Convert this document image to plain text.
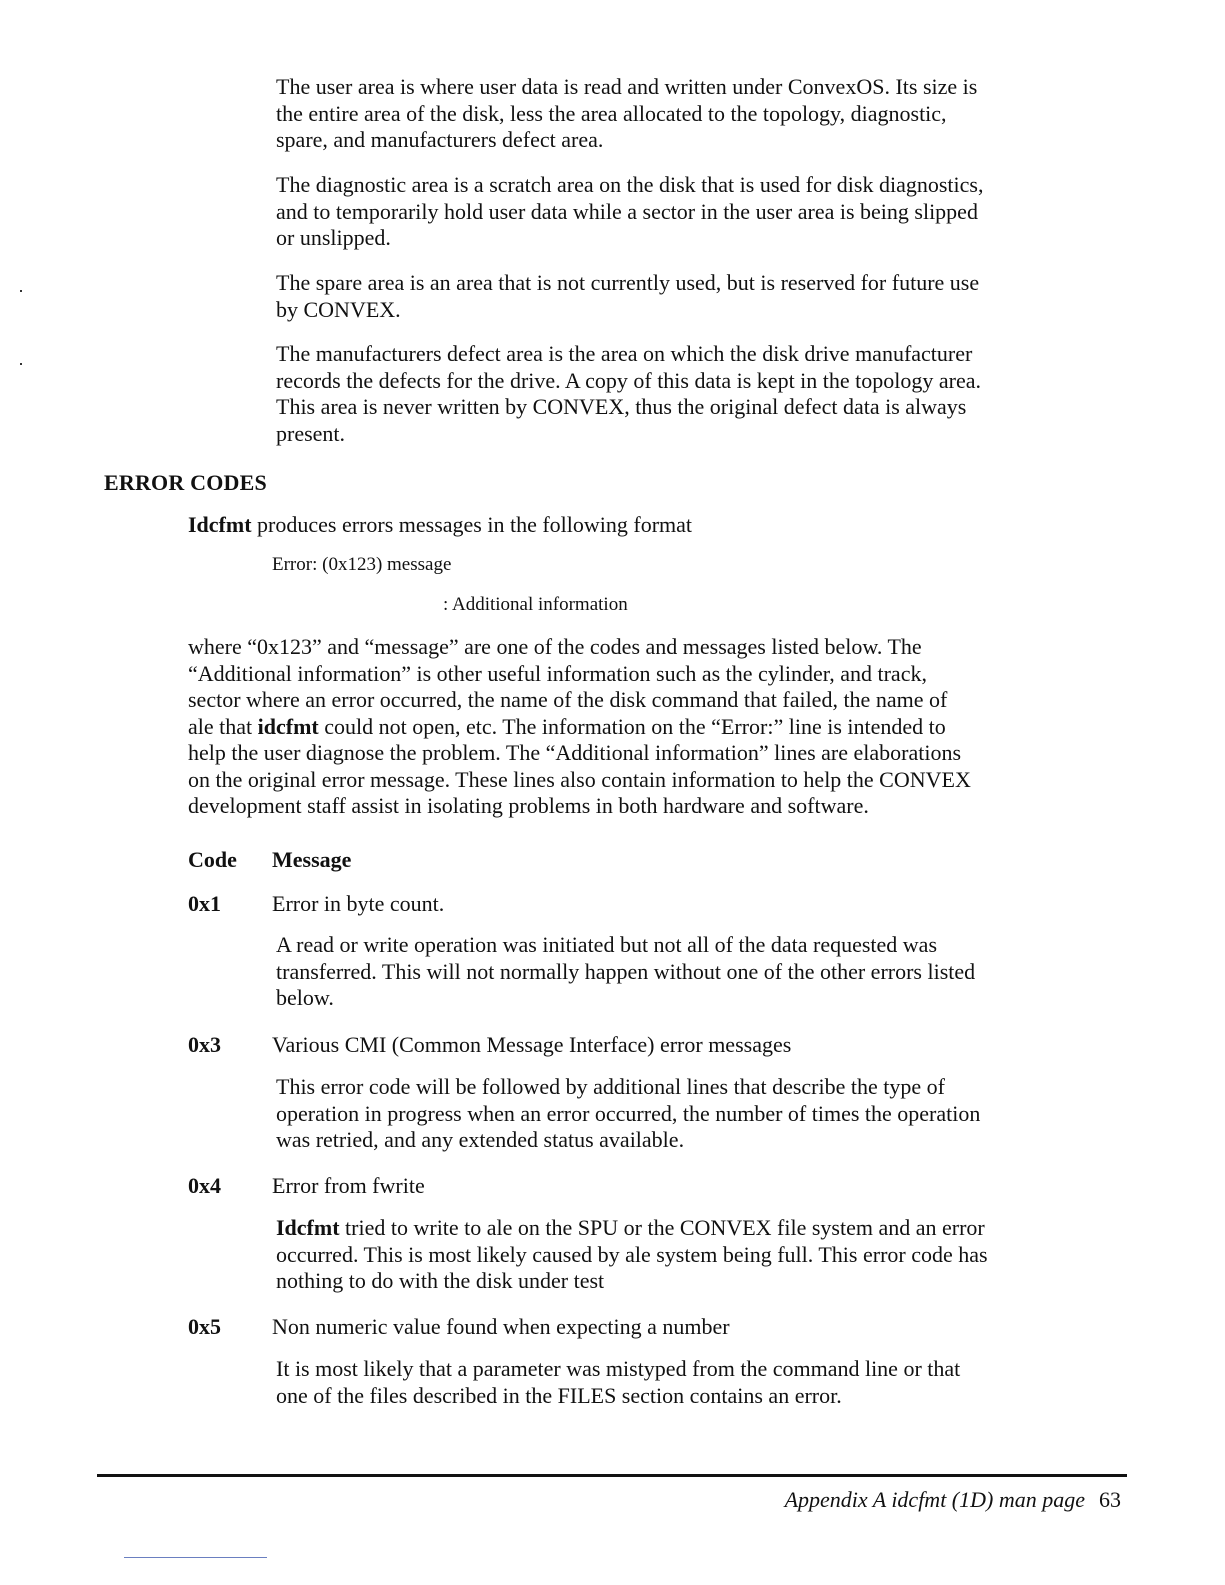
The user area is where user data is read and written under ConvexOS. Its size is
the entire area of the disk, less the area allocated to the topology, diagnostic,
spare, and manufacturers defect area.
The diagnostic area is a scratch area on the disk that is used for disk diagnostics,
and to temporarily hold user data while a sector in the user area is being slipped
or unslipped.
The spare area is an area that is not currently used, but is reserved for future use
by CONVEX.
The manufacturers defect area is the area on which the disk drive manufacturer
records the defects for the drive. A copy of this data is kept in the topology area.
This area is never written by CONVEX, thus the original defect data is always
present.
ERROR CODES
Idcfmt produces errors messages in the following format
Error: (0x123) message
: Additional information
where “0x123” and “message” are one of the codes and messages listed below. The
“Additional information” is other useful information such as the cylinder, and track,
sector where an error occurred, the name of the disk command that failed, the name of
ale that idcfmt could not open, etc. The information on the “Error:” line is intended to
help the user diagnose the problem. The “Additional information” lines are elaborations
on the original error message. These lines also contain information to help the CONVEX
development staff assist in isolating problems in both hardware and software.
Code Message
0x1 Error in byte count.
A read or write operation was initiated but not all of the data requested was
transferred. This will not normally happen without one of the other errors listed
below.
0x3 Various CMI (Common Message Interface) error messages
This error code will be followed by additional lines that describe the type of
operation in progress when an error occurred, the number of times the operation
was retried, and any extended status available.
0x4 Error from fwrite
Idcfmt tried to write to ale on the SPU or the CONVEX file system and an error
occurred. This is most likely caused by ale system being full. This error code has
nothing to do with the disk under test
0x5 Non numeric value found when expecting a number
It is most likely that a parameter was mistyped from the command line or that
one of the files described in the FILES section contains an error.
Appendix A idcfmt (1D) man page 63
